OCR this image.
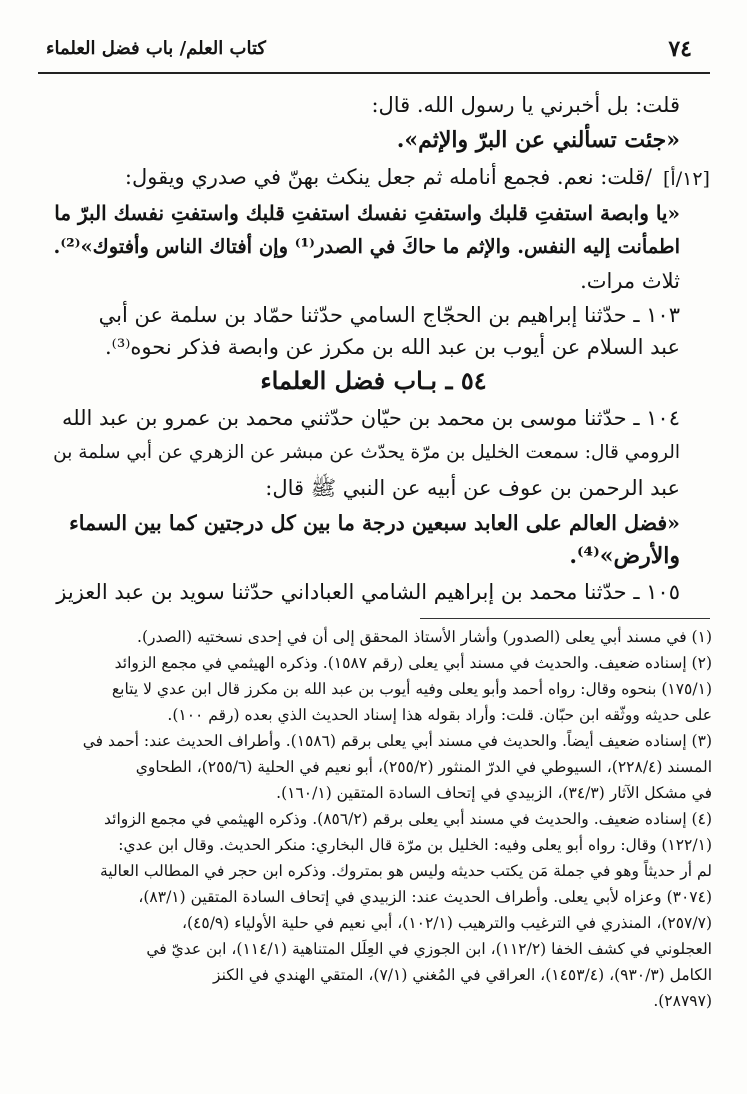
٧٤
كتاب العلم/ باب فضل العلماء
[١٢/أ]
قلت: بل أخبرني يا رسول الله. قال:
«جئت تسألني عن البرّ والإثم».
/قلت: نعم. فجمع أنامله ثم جعل ينكث بهنّ في صدري ويقول:
«يا وابصة استفتِ قلبك واستفتِ نفسك استفتِ قلبك واستفتِ نفسك البرّ ما
اطمأنت إليه النفس. والإثم ما حاكَ في الصدر⁽¹⁾ وإن أفتاك الناس وأفتوك»⁽²⁾.
ثلاث مرات.
١٠٣ ـ حدّثنا إبراهيم بن الحجّاج السامي حدّثنا حمّاد بن سلمة عن أبي
عبد السلام عن أيوب بن عبد الله بن مكرز عن وابصة فذكر نحوه⁽³⁾.
٥٤ ـ بـاب فضل العلماء
١٠٤ ـ حدّثنا موسى بن محمد بن حيّان حدّثني محمد بن عمرو بن عبد الله
الرومي قال: سمعت الخليل بن مرّة يحدّث عن مبشر عن الزهري عن أبي سلمة بن
عبد الرحمن بن عوف عن أبيه عن النبي ﷺ قال:
«فضل العالم على العابد سبعين درجة ما بين كل درجتين كما بين السماء
والأرض»⁽⁴⁾.
١٠٥ ـ حدّثنا محمد بن إبراهيم الشامي العباداني حدّثنا سويد بن عبد العزيز
(١) في مسند أبي يعلى (الصدور) وأشار الأستاذ المحقق إلى أن في إحدى نسختيه (الصدر).
(٢) إسناده ضعيف. والحديث في مسند أبي يعلى (رقم ١٥٨٧). وذكره الهيثمي في مجمع الزوائد
(١٧٥/١) بنحوه وقال: رواه أحمد وأبو يعلى وفيه أيوب بن عبد الله بن مكرز قال ابن عدي لا يتابع
على حديثه ووثّقه ابن حبّان. قلت: وأراد بقوله هذا إسناد الحديث الذي بعده (رقم ١٠٠).
(٣) إسناده ضعيف أيضاً. والحديث في مسند أبي يعلى برقم (١٥٨٦). وأطراف الحديث عند: أحمد في
المسند (٢٢٨/٤)، السيوطي في الدرّ المنثور (٢٥٥/٢)، أبو نعيم في الحلية (٢٥٥/٦)، الطحاوي
في مشكل الآثار (٣٤/٣)، الزبيدي في إتحاف السادة المتقين (١٦٠/١).
(٤) إسناده ضعيف. والحديث في مسند أبي يعلى برقم (٨٥٦/٢). وذكره الهيثمي في مجمع الزوائد
(١٢٢/١) وقال: رواه أبو يعلى وفيه: الخليل بن مرّة قال البخاري: منكر الحديث. وقال ابن عدي:
لم أر حديثاً وهو في جملة مَن يكتب حديثه وليس هو بمتروك. وذكره ابن حجر في المطالب العالية
(٣٠٧٤) وعزاه لأبي يعلى. وأطراف الحديث عند: الزبيدي في إتحاف السادة المتقين (٨٣/١)،
(٢٥٧/٧)، المنذري في الترغيب والترهيب (١٠٢/١)، أبي نعيم في حلية الأولياء (٤٥/٩)،
العجلوني في كشف الخفا (١١٢/٢)، ابن الجوزي في العِلَل المتناهية (١١٤/١)، ابن عديّ في
الكامل (٩٣٠/٣)، (١٤٥٣/٤)، العراقي في المُغني (٧/١)، المتقي الهندي في الكنز
(٢٨٧٩٧).
